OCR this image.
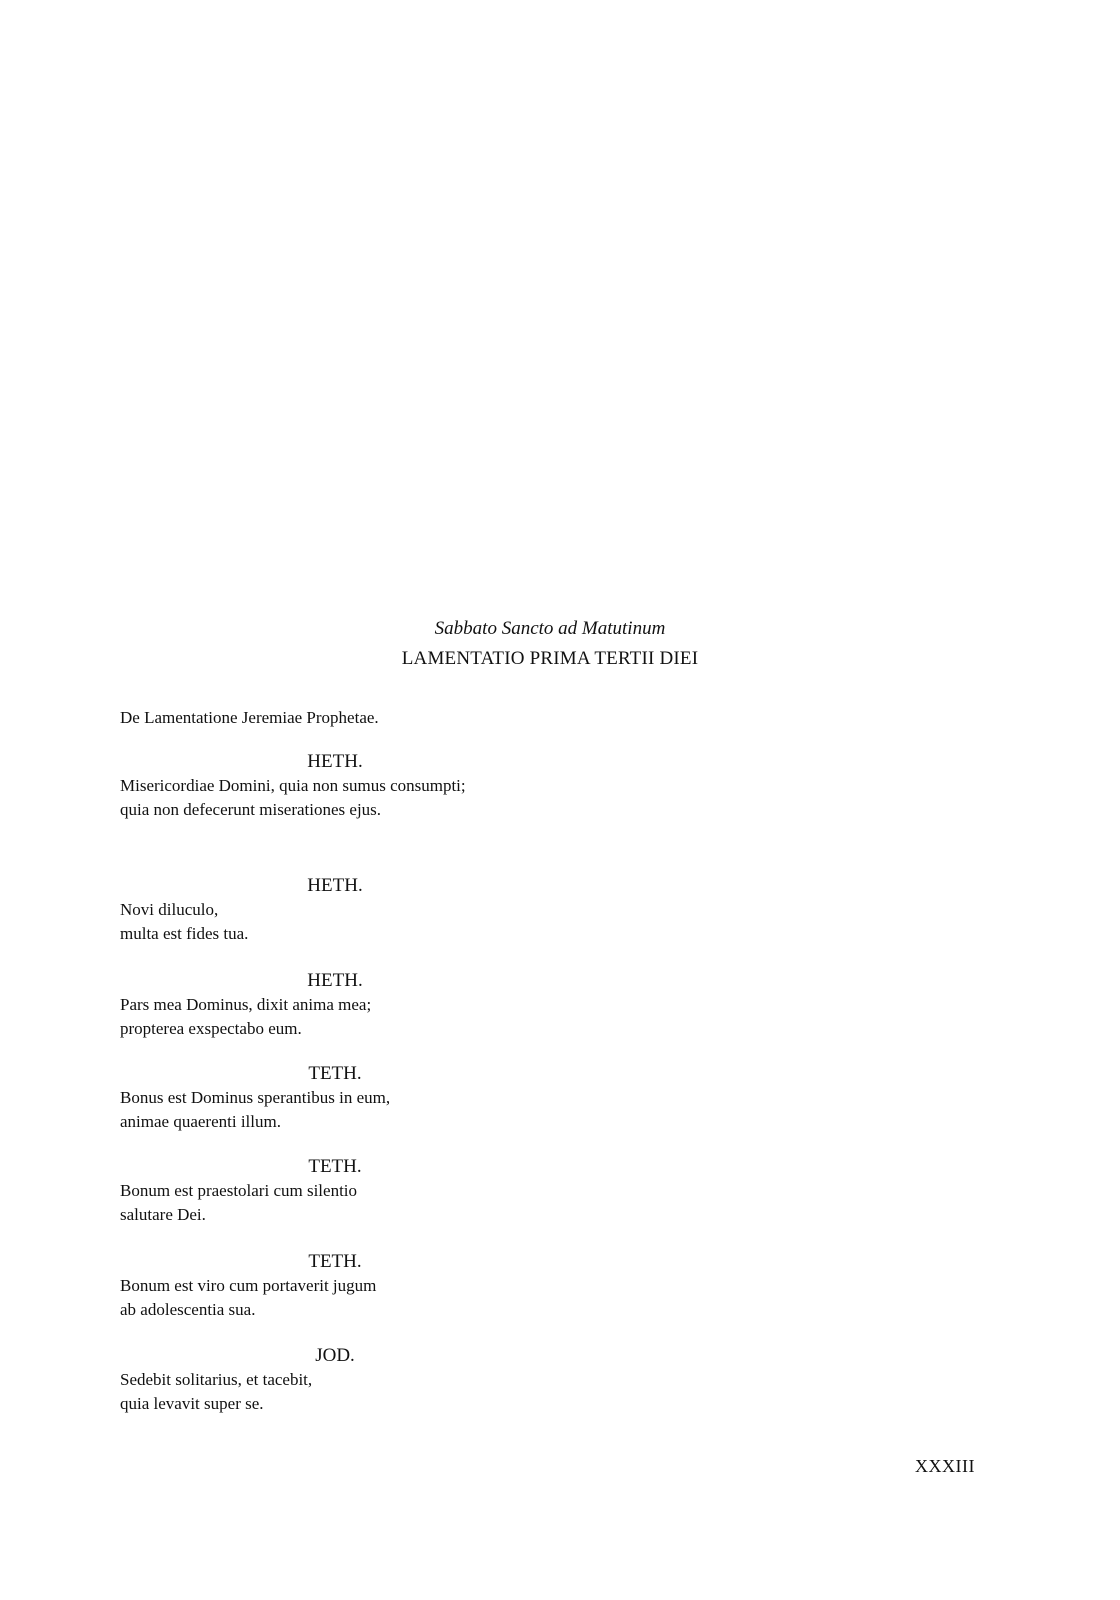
Sabbato Sancto ad Matutinum
LAMENTATIO PRIMA TERTII DIEI
De Lamentatione Jeremiae Prophetae.
HETH.
Misericordiae Domini, quia non sumus consumpti;
quia non defecerunt miserationes ejus.
HETH.
Novi diluculo,
multa est fides tua.
HETH.
Pars mea Dominus, dixit anima mea;
propterea exspectabo eum.
TETH.
Bonus est Dominus sperantibus in eum,
animae quaerenti illum.
TETH.
Bonum est praestolari cum silentio
salutare Dei.
TETH.
Bonum est viro cum portaverit jugum
ab adolescentia sua.
JOD.
Sedebit solitarius, et tacebit,
quia levavit super se.
XXXIII
